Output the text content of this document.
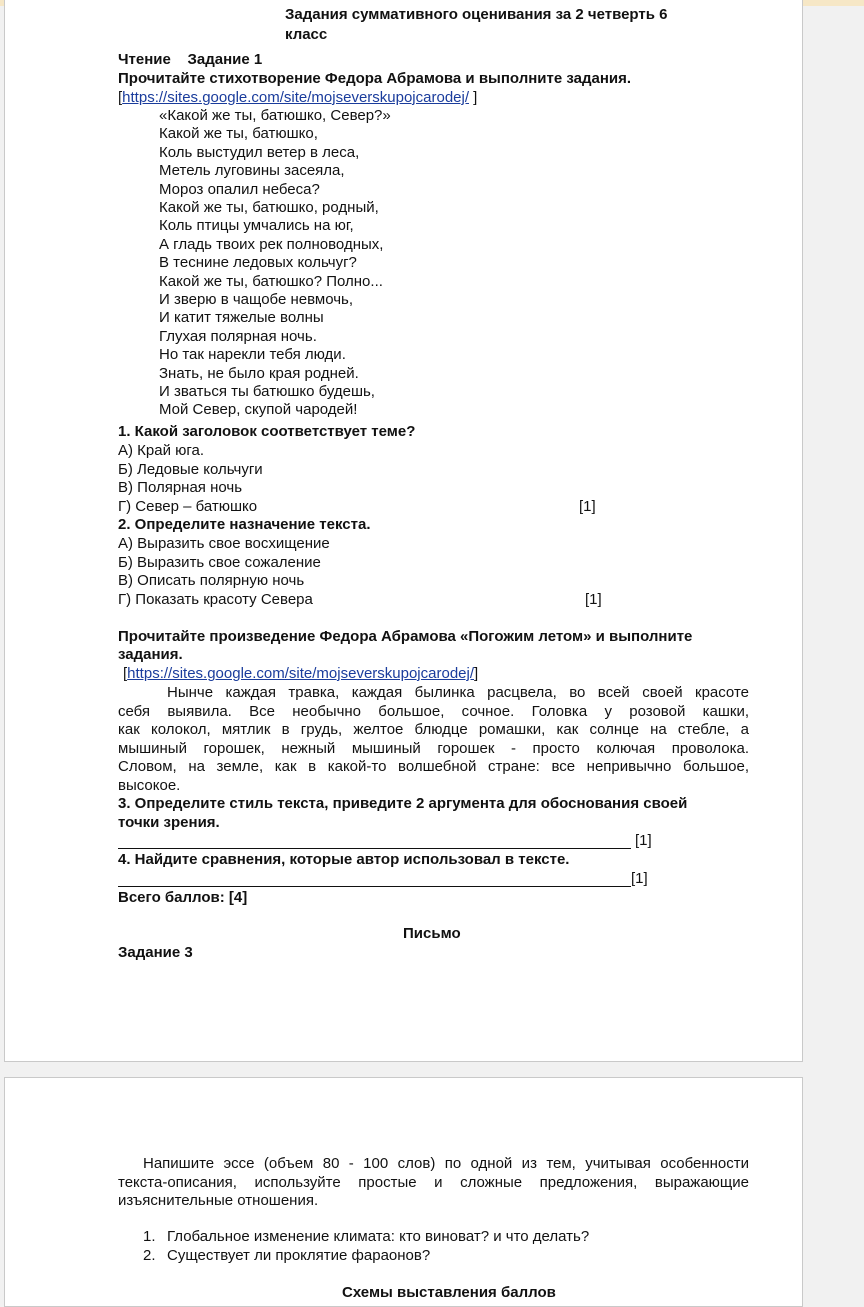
Задания суммативного оценивания за 2 четверть 6
класс
Чтение    Задание 1
Прочитайте стихотворение Федора Абрамова и выполните задания.
[https://sites.google.com/site/mojseverskupojcarodej/ ]
«Какой же ты, батюшко, Север?»
Какой же ты, батюшко,
Коль выстудил ветер в леса,
Метель луговины засеяла,
Мороз опалил небеса?
Какой же ты, батюшко, родный,
Коль птицы умчались на юг,
А гладь твоих рек полноводных,
В теснине ледовых кольчуг?
Какой же ты, батюшко? Полно...
И зверю в чащобе невмочь,
И катит тяжелые волны
Глухая полярная ночь.
Но так нарекли тебя люди.
Знать, не было края родней.
И зваться ты батюшко будешь,
Мой Север, скупой чародей!
1. Какой заголовок соответствует теме?
А) Край юга.
Б) Ледовые кольчуги
В) Полярная ночь
Г) Север – батюшко	[1]
2. Определите назначение текста.
А) Выразить свое восхищение
Б) Выразить свое сожаление
В) Описать полярную ночь
Г) Показать красоту Севера	[1]
Прочитайте произведение Федора Абрамова «Погожим летом» и выполните
задания.
[https://sites.google.com/site/mojseverskupojcarodej/]
Нынче каждая травка, каждая былинка расцвела, во всей своей красоте
себя выявила. Все необычно большое, сочное. Головка у розовой кашки,
как колокол, мятлик в грудь, желтое блюдце ромашки, как солнце на стебле, а
мышиный горошек, нежный мышиный горошек - просто колючая проволока.
Словом, на земле, как в какой-то волшебной стране: все непривычно большое,
высокое.
3. Определите стиль текста, приведите 2 аргумента для обоснования своей
точки зрения.
[1]
4. Найдите сравнения, которые автор использовал в тексте.
[1]
Всего баллов: [4]
Письмо
Задание 3
Напишите эссе (объем 80 - 100 слов) по одной из тем, учитывая особенности
текста-описания, используйте простые и сложные предложения, выражающие
изъяснительные отношения.
1. Глобальное изменение климата: кто виноват? и что делать?
2. Существует ли проклятие фараонов?
Схемы выставления баллов
